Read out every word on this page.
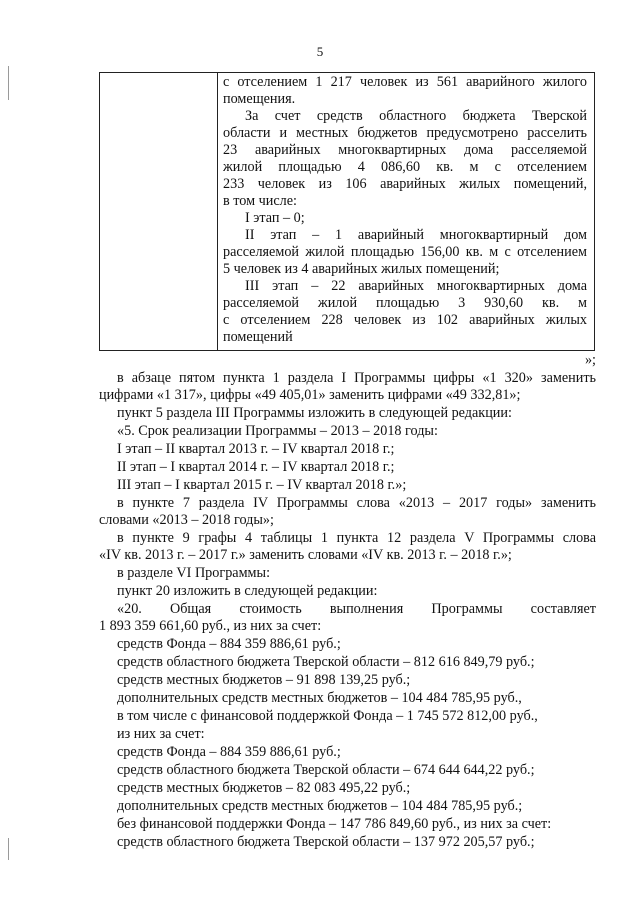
5
с отселением 1 217 человек из 561 аварийного жилого
помещения.
За счет средств областного бюджета Тверской
области и местных бюджетов предусмотрено расселить
23 аварийных многоквартирных дома расселяемой
жилой площадью 4 086,60 кв. м с отселением
233 человек из 106 аварийных жилых помещений,
в том числе:
I этап – 0;
II этап – 1 аварийный многоквартирный дом
расселяемой жилой площадью 156,00 кв. м с отселением
5 человек из 4 аварийных жилых помещений;
III этап – 22 аварийных многоквартирных дома
расселяемой жилой площадью 3 930,60 кв. м
с отселением 228 человек из 102 аварийных жилых
помещений
»;
в абзаце пятом пункта 1 раздела I Программы цифры «1 320» заменить
цифрами «1 317», цифры «49 405,01» заменить цифрами «49 332,81»;
пункт 5 раздела III Программы изложить в следующей редакции:
«5. Срок реализации Программы – 2013 – 2018 годы:
I этап – II квартал 2013 г. – IV квартал 2018 г.;
II этап – I квартал 2014 г. – IV квартал 2018 г.;
III этап – I квартал 2015 г. – IV квартал 2018 г.»;
в пункте 7 раздела IV Программы слова «2013 – 2017 годы» заменить
словами «2013 – 2018 годы»;
в пункте 9 графы 4 таблицы 1 пункта 12 раздела V Программы слова
«IV кв. 2013 г. – 2017 г.» заменить словами «IV кв. 2013 г. – 2018 г.»;
в разделе VI Программы:
пункт 20 изложить в следующей редакции:
«20. Общая стоимость выполнения Программы составляет
1 893 359 661,60 руб., из них за счет:
средств Фонда – 884 359 886,61 руб.;
средств областного бюджета Тверской области – 812 616 849,79 руб.;
средств местных бюджетов – 91 898 139,25 руб.;
дополнительных средств местных бюджетов – 104 484 785,95 руб.,
в том числе с финансовой поддержкой Фонда – 1 745 572 812,00 руб.,
из них за счет:
средств Фонда – 884 359 886,61 руб.;
средств областного бюджета Тверской области – 674 644 644,22 руб.;
средств местных бюджетов – 82 083 495,22 руб.;
дополнительных средств местных бюджетов – 104 484 785,95 руб.;
без финансовой поддержки Фонда – 147 786 849,60 руб., из них за счет:
средств областного бюджета Тверской области – 137 972 205,57 руб.;
